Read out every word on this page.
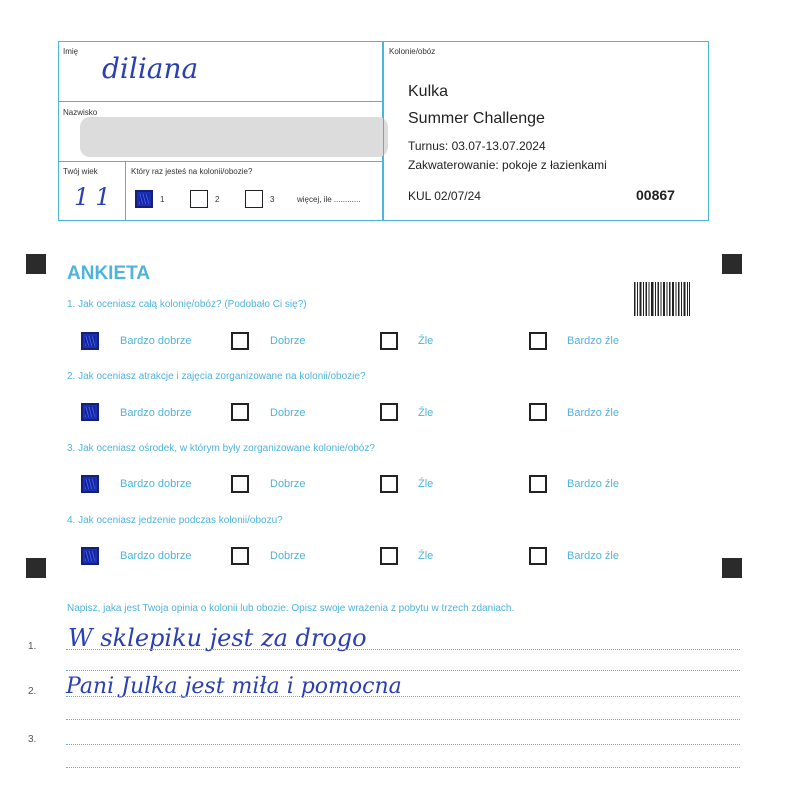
Imię
diliana
Nazwisko
Twój wiek
11
Który raz jesteś na kolonii/obozie?
1	2	3	więcej, ile ............
Kolonie/obóz
Kulka
Summer Challenge
Turnus: 03.07-13.07.2024
Zakwaterowanie: pokoje z łazienkami
KUL 02/07/24	00867
ANKIETA
1. Jak oceniasz całą kolonię/obóz? (Podobało Ci się?)
Bardzo dobrze	Dobrze	Źle	Bardzo źle
2. Jak oceniasz atrakcje i zajęcia zorganizowane na kolonii/obozie?
Bardzo dobrze	Dobrze	Źle	Bardzo źle
3. Jak oceniasz ośrodek, w którym były zorganizowane kolonie/obóz?
Bardzo dobrze	Dobrze	Źle	Bardzo źle
4. Jak oceniasz jedzenie podczas kolonii/obozu?
Bardzo dobrze	Dobrze	Źle	Bardzo źle
Napisz, jaka jest Twoja opinia o kolonii lub obozie. Opisz swoje wrażenia z pobytu w trzech zdaniach.
1. W sklepiku jest za drogo
2. Pani Julka jest miła i pomocna
3.
